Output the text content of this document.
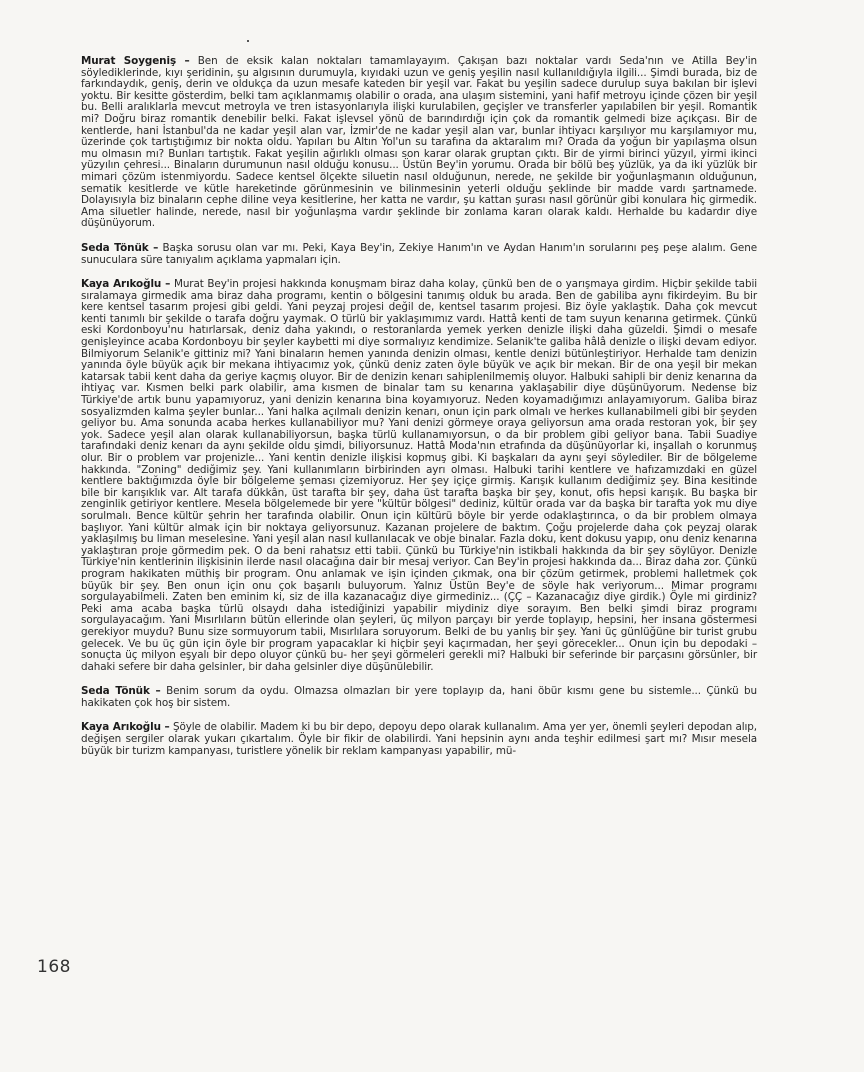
Murat Soygeniş – Ben de eksik kalan noktaları tamamlayayım. Çakışan bazı noktalar vardı Seda'nın ve Atilla Bey'in söylediklerinde, kıyı şeridinin, şu algısının durumuyla, kıyıdaki uzun ve geniş yeşilin nasıl kullanıldığıyla ilgili... Şimdi burada, biz de farkındaydık, geniş, derin ve oldukça da uzun mesafe kateden bir yeşil var. Fakat bu yeşilin sadece durulup suya bakılan bir işlevi yoktu. Bir kesitte gösterdim, belki tam açıklanmamış olabilir o orada, ana ulaşım sistemini, yani hafif metroyu içinde çözen bir yeşil bu. Belli aralıklarla mevcut metroyla ve tren istasyonlarıyla ilişki kurulabilen, geçişler ve transferler yapılabilen bir yeşil. Romantik mi? Doğru biraz romantik denebilir belki. Fakat işlevsel yönü de barındırdığı için çok da romantik gelmedi bize açıkçası. Bir de kentlerde, hani İstanbul'da ne kadar yeşil alan var, İzmir'de ne kadar yeşil alan var, bunlar ihtiyacı karşılıyor mu karşılamıyor mu, üzerinde çok tartıştığımız bir nokta oldu. Yapıları bu Altın Yol'un su tarafına da aktaralım mı? Orada da yoğun bir yapılaşma olsun mu olmasın mı? Bunları tartıştık. Fakat yeşilin ağırlıklı olması son karar olarak gruptan çıktı. Bir de yirmi birinci yüzyıl, yirmi ikinci yüzyılın çehresi... Binaların durumunun nasıl olduğu konusu... Üstün Bey'in yorumu. Orada bir bölü beş yüzlük, ya da iki yüzlük bir mimari çözüm istenmiyordu. Sadece kentsel ölçekte siluetin nasıl olduğunun, nerede, ne şekilde bir yoğunlaşmanın olduğunun, sematik kesitlerde ve kütle hareketinde görünmesinin ve bilinmesinin yeterli olduğu şeklinde bir madde vardı şartnamede. Dolayısıyla biz binaların cephe diline veya kesitlerine, her katta ne vardır, şu kattan şurası nasıl görünür gibi konulara hiç girmedik. Ama siluetler halinde, nerede, nasıl bir yoğunlaşma vardır şeklinde bir zonlama kararı olarak kaldı. Herhalde bu kadardır diye düşünüyorum.

Seda Tönük – Başka sorusu olan var mı. Peki, Kaya Bey'in, Zekiye Hanım'ın ve Aydan Hanım'ın sorularını peş peşe alalım. Gene sunuculara süre tanıyalım açıklama yapmaları için.

Kaya Arıkoğlu – Murat Bey'in projesi hakkında konuşmam biraz daha kolay, çünkü ben de o yarışmaya girdim. Hiçbir şekilde tabii sıralamaya girmedik ama biraz daha programı, kentin o bölgesini tanımış olduk bu arada. Ben de gabiliba aynı fikirdeyim. Bu bir kere kentsel tasarım projesi gibi geldi. Yani peyzaj projesi değil de, kentsel tasarım projesi. Biz öyle yaklaştık. Daha çok mevcut kenti tanımlı bir şekilde o tarafa doğru yaymak. O türlü bir yaklaşımımız vardı. Hattâ kenti de tam suyun kenarına getirmek. Çünkü eski Kordonboyu'nu hatırlarsak, deniz daha yakındı, o restoranlarda yemek yerken denizle ilişki daha güzeldi. Şimdi o mesafe genişleyince acaba Kordonboyu bir şeyler kaybetti mi diye sormalıyız kendimize. Selanik'te galiba hâlâ denizle o ilişki devam ediyor. Bilmiyorum Selanik'e gittiniz mi? Yani binaların hemen yanında denizin olması, kentle denizi bütünleştiriyor. Herhalde tam denizin yanında öyle büyük açık bir mekana ihtiyacımız yok, çünkü deniz zaten öyle büyük ve açık bir mekan. Bir de ona yeşil bir mekan katarsak tabii kent daha da geriye kaçmış oluyor. Bir de denizin kenarı sahiplenilmemiş oluyor. Halbuki sahipli bir deniz kenarına da ihtiyaç var. Kısmen belki park olabilir, ama kısmen de binalar tam su kenarına yaklaşabilir diye düşünüyorum. Nedense biz Türkiye'de artık bunu yapamıyoruz, yani denizin kenarına bina koyamıyoruz. Neden koyamadığımızı anlayamıyorum. Galiba biraz sosyalizmden kalma şeyler bunlar... Yani halka açılmalı denizin kenarı, onun için park olmalı ve herkes kullanabilmeli gibi bir şeyden geliyor bu. Ama sonunda acaba herkes kullanabiliyor mu? Yani denizi görmeye oraya geliyorsun ama orada restoran yok, bir şey yok. Sadece yeşil alan olarak kullanabiliyorsun, başka türlü kullanamıyorsun, o da bir problem gibi geliyor bana. Tabii Suadiye tarafındaki deniz kenarı da aynı şekilde oldu şimdi, biliyorsunuz. Hattâ Moda'nın etrafında da düşünüyorlar ki, inşallah o korunmuş olur. Bir o problem var projenizle... Yani kentin denizle ilişkisi kopmuş gibi. Ki başkaları da aynı şeyi söylediler. Bir de bölgeleme hakkında. "Zoning" dediğimiz şey. Yani kullanımların birbirinden ayrı olması. Halbuki tarihi kentlere ve hafızamızdaki en güzel kentlere baktığımızda öyle bir bölgeleme şeması çizemiyoruz. Her şey içiçe girmiş. Karışık kullanım dediğimiz şey. Bina kesitinde bile bir karışıklık var. Alt tarafa dükkân, üst tarafta bir şey, daha üst tarafta başka bir şey, konut, ofis hepsi karışık. Bu başka bir zenginlik getiriyor kentlere. Mesela bölgelemede bir yere "kültür bölgesi" dediniz, kültür orada var da başka bir tarafta yok mu diye sorulmalı. Bence kültür şehrin her tarafında olabilir. Onun için kültürü böyle bir yerde odaklaştırınca, o da bir problem olmaya başlıyor. Yani kültür almak için bir noktaya geliyorsunuz. Kazanan projelere de baktım. Çoğu projelerde daha çok peyzaj olarak yaklaşılmış bu liman meselesine. Yani yeşil alan nasıl kullanılacak ve obje binalar. Fazla doku, kent dokusu yapıp, onu deniz kenarına yaklaştıran proje görmedim pek. O da beni rahatsız etti tabii. Çünkü bu Türkiye'nin istikbali hakkında da bir şey söylüyor. Denizle Türkiye'nin kentlerinin ilişkisinin ilerde nasıl olacağına dair bir mesaj veriyor. Can Bey'in projesi hakkında da... Biraz daha zor. Çünkü program hakikaten müthiş bir program. Onu anlamak ve işin içinden çıkmak, ona bir çözüm getirmek, problemi halletmek çok büyük bir şey. Ben onun için onu çok başarılı buluyorum. Yalnız Üstün Bey'e de söyle hak veriyorum... Mimar programı sorgulayabilmeli. Zaten ben eminim ki, siz de illa kazanacağız diye girmediniz... (ÇÇ – Kazanacağız diye girdik.) Öyle mi girdiniz? Peki ama acaba başka türlü olsaydı daha istediğinizi yapabilir miydiniz diye sorayım. Ben belki şimdi biraz programı sorgulayacağım. Yani Mısırlıların bütün ellerinde olan şeyleri, üç milyon parçayı bir yerde toplayıp, hepsini, her insana göstermesi gerekiyor muydu? Bunu size sormuyorum tabii, Mısırlılara soruyorum. Belki de bu yanlış bir şey. Yani üç günlüğüne bir turist grubu gelecek. Ve bu üç gün için öyle bir program yapacaklar ki hiçbir şeyi kaçırmadan, her şeyi görecekler... Onun için bu depodaki –sonuçta üç milyon eşyalı bir depo oluyor çünkü bu- her şeyi görmeleri gerekli mi? Halbuki bir seferinde bir parçasını görsünler, bir dahaki sefere bir daha gelsinler, bir daha gelsinler diye düşünülebilir.

Seda Tönük – Benim sorum da oydu. Olmazsa olmazları bir yere toplayıp da, hani öbür kısmı gene bu sistemle... Çünkü bu hakikaten çok hoş bir sistem.

Kaya Arıkoğlu – Şöyle de olabilir. Madem ki bu bir depo, depoyu depo olarak kullanalım. Ama yer yer, önemli şeyleri depodan alıp, değişen sergiler olarak yukarı çıkartalım. Öyle bir fikir de olabilirdi. Yani hepsinin aynı anda teşhir edilmesi şart mı? Mısır mesela büyük bir turizm kampanyası, turistlere yönelik bir reklam kampanyası yapabilir, mü-

168
